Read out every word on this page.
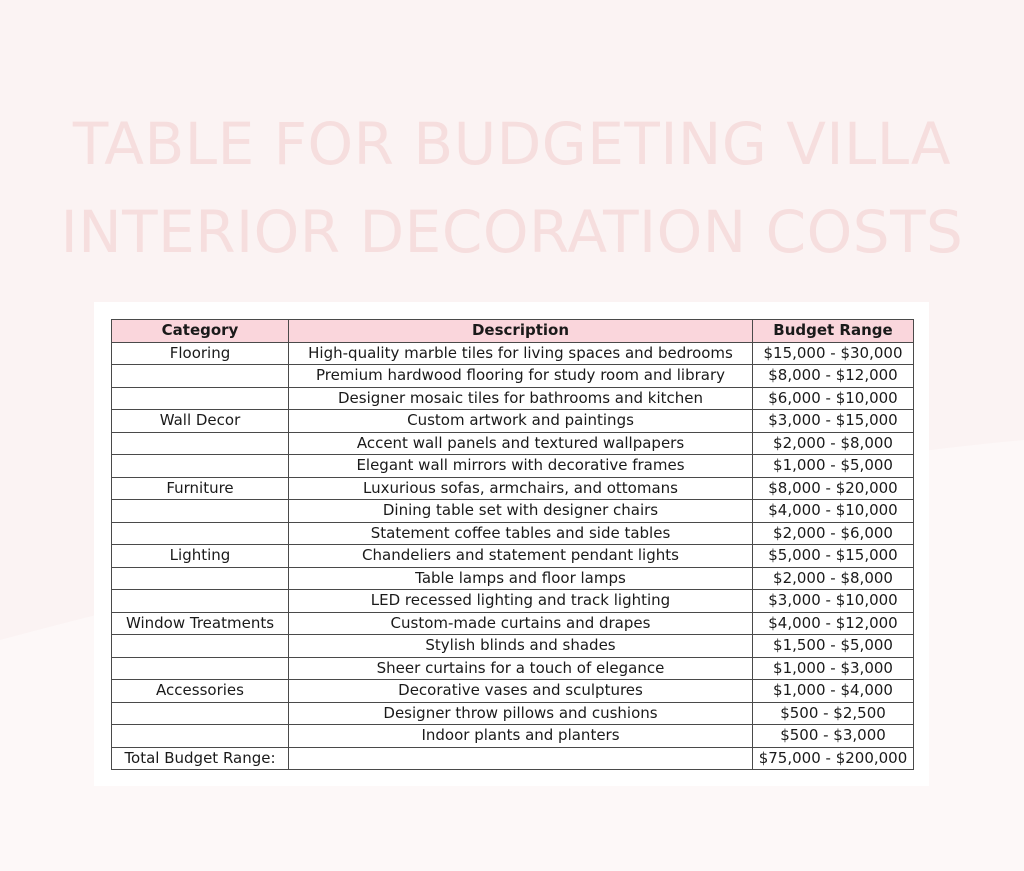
TABLE FOR BUDGETING VILLA
INTERIOR DECORATION COSTS
Category	Description	Budget Range
Flooring	High-quality marble tiles for living spaces and bedrooms	$15,000 - $30,000
	Premium hardwood flooring for study room and library	$8,000 - $12,000
	Designer mosaic tiles for bathrooms and kitchen	$6,000 - $10,000
Wall Decor	Custom artwork and paintings	$3,000 - $15,000
	Accent wall panels and textured wallpapers	$2,000 - $8,000
	Elegant wall mirrors with decorative frames	$1,000 - $5,000
Furniture	Luxurious sofas, armchairs, and ottomans	$8,000 - $20,000
	Dining table set with designer chairs	$4,000 - $10,000
	Statement coffee tables and side tables	$2,000 - $6,000
Lighting	Chandeliers and statement pendant lights	$5,000 - $15,000
	Table lamps and floor lamps	$2,000 - $8,000
	LED recessed lighting and track lighting	$3,000 - $10,000
Window Treatments	Custom-made curtains and drapes	$4,000 - $12,000
	Stylish blinds and shades	$1,500 - $5,000
	Sheer curtains for a touch of elegance	$1,000 - $3,000
Accessories	Decorative vases and sculptures	$1,000 - $4,000
	Designer throw pillows and cushions	$500 - $2,500
	Indoor plants and planters	$500 - $3,000
Total Budget Range:		$75,000 - $200,000
